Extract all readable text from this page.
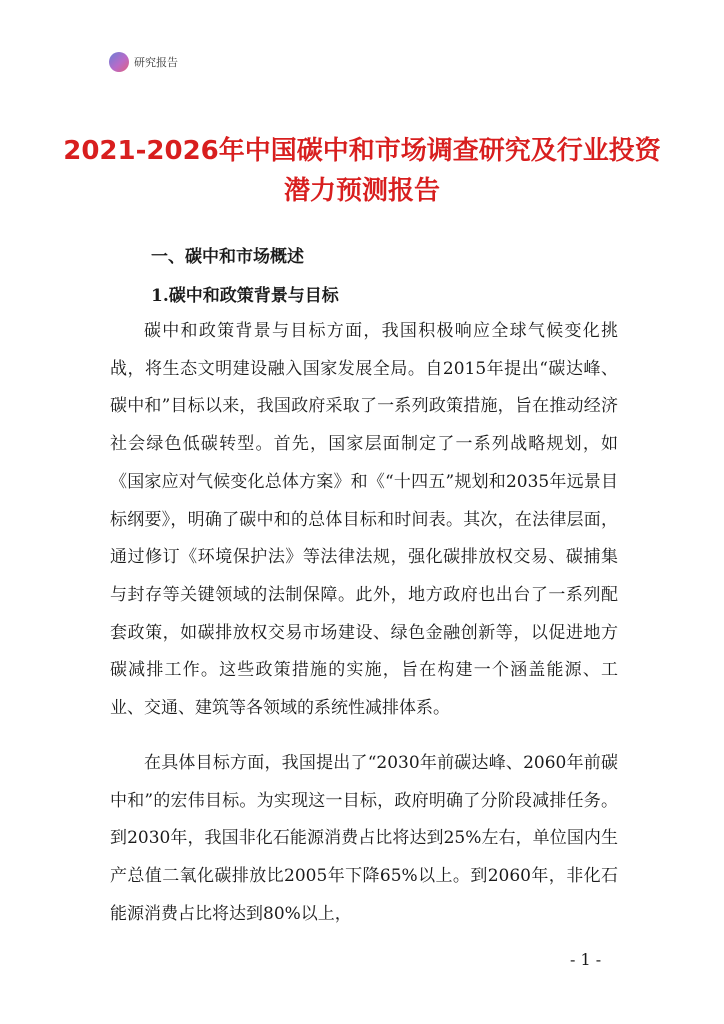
研究报告
2021-2026年中国碳中和市场调查研究及行业投资潜力预测报告
一、碳中和市场概述
1.碳中和政策背景与目标

碳中和政策背景与目标方面，我国积极响应全球气候变化挑战，将生态文明建设融入国家发展全局。自2015年提出“碳达峰、碳中和”目标以来，我国政府采取了一系列政策措施，旨在推动经济社会绿色低碳转型。首先，国家层面制定了一系列战略规划，如《国家应对气候变化总体方案》和《“十四五”规划和2035年远景目标纲要》，明确了碳中和的总体目标和时间表。其次，在法律层面，通过修订《环境保护法》等法律法规，强化碳排放权交易、碳捕集与封存等关键领域的法制保障。此外，地方政府也出台了一系列配套政策，如碳排放权交易市场建设、绿色金融创新等，以促进地方碳减排工作。这些政策措施的实施，旨在构建一个涵盖能源、工业、交通、建筑等各领域的系统性减排体系。

在具体目标方面，我国提出了“2030年前碳达峰、2060年前碳中和”的宏伟目标。为实现这一目标，政府明确了分阶段减排任务。到2030年，我国非化石能源消费占比将达到25%左右，单位国内生产总值二氧化碳排放比2005年下降65%以上。到2060年，非化石能源消费占比将达到80%以上，

- 1 -
